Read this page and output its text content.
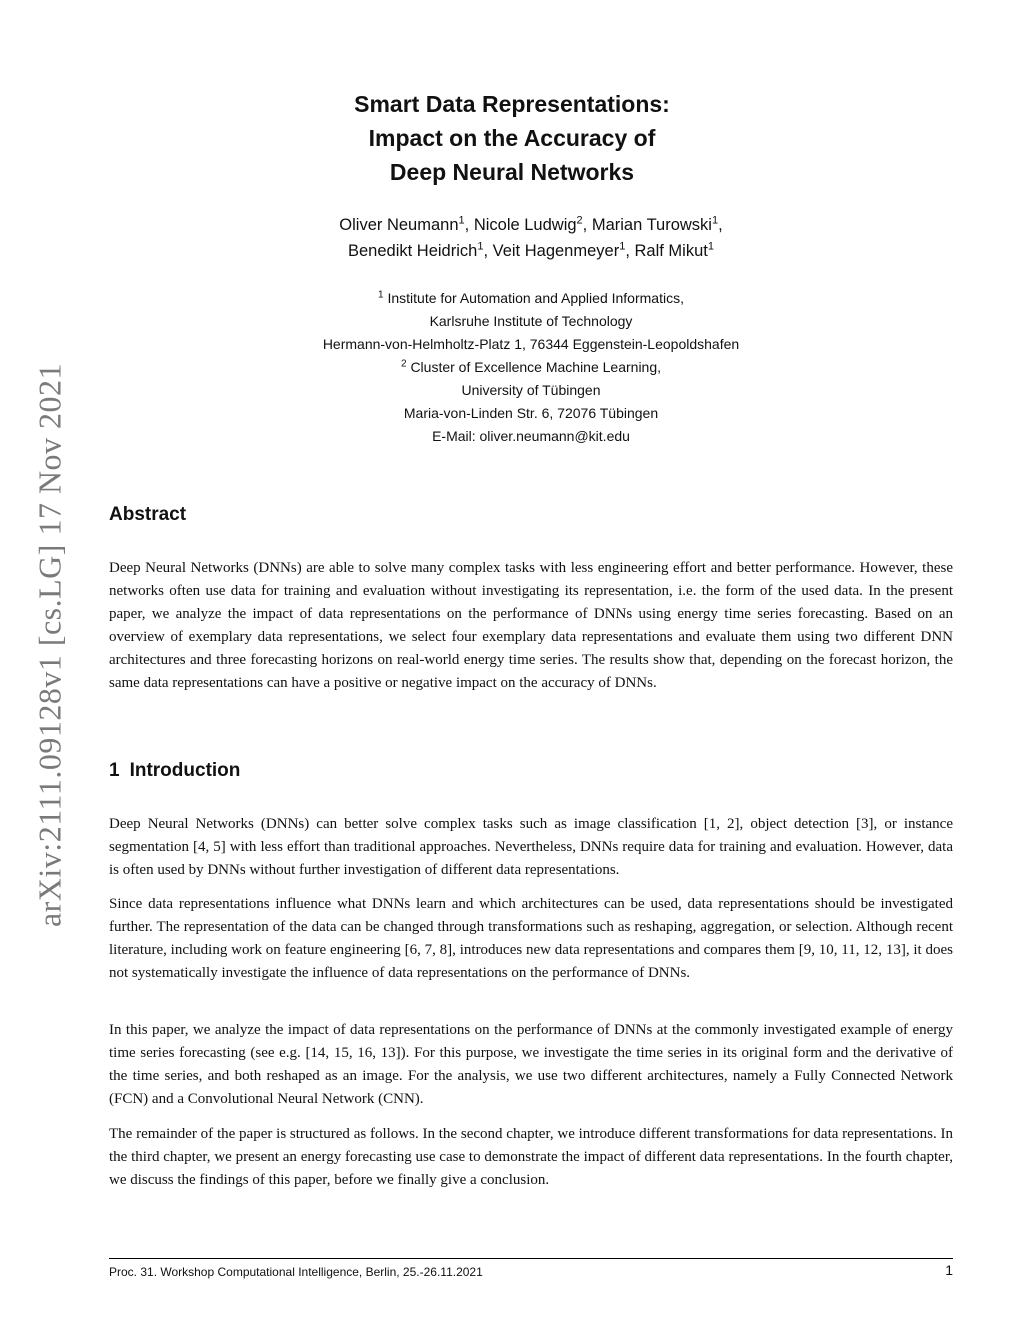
arXiv:2111.09128v1 [cs.LG] 17 Nov 2021
Smart Data Representations:
Impact on the Accuracy of
Deep Neural Networks
Oliver Neumann$^1$, Nicole Ludwig$^2$, Marian Turowski$^1$,
Benedikt Heidrich$^1$, Veit Hagenmeyer$^1$, Ralf Mikut$^1$
$^1$ Institute for Automation and Applied Informatics,
Karlsruhe Institute of Technology
Hermann-von-Helmholtz-Platz 1, 76344 Eggenstein-Leopoldshafen
$^2$ Cluster of Excellence Machine Learning,
University of Tübingen
Maria-von-Linden Str. 6, 72076 Tübingen
E-Mail: oliver.neumann@kit.edu
Abstract

Deep Neural Networks (DNNs) are able to solve many complex tasks with less engineering effort and better performance. However, these networks often use data for training and evaluation without investigating its representation, i.e. the form of the used data. In the present paper, we analyze the impact of data representations on the performance of DNNs using energy time series forecasting. Based on an overview of exemplary data representations, we select four exemplary data representations and evaluate them using two different DNN architectures and three forecasting horizons on real-world energy time series. The results show that, depending on the forecast horizon, the same data representations can have a positive or negative impact on the accuracy of DNNs.

1 Introduction

Deep Neural Networks (DNNs) can better solve complex tasks such as image classification [1, 2], object detection [3], or instance segmentation [4, 5] with less effort than traditional approaches. Nevertheless, DNNs require data for training and evaluation. However, data is often used by DNNs without further investigation of different data representations.

Since data representations influence what DNNs learn and which architectures can be used, data representations should be investigated further. The representation of the data can be changed through transformations such as reshaping, aggregation, or selection. Although recent literature, including work on feature engineering [6, 7, 8], introduces new data representations and compares them [9, 10, 11, 12, 13], it does not systematically investigate the influence of data representations on the performance of DNNs.

In this paper, we analyze the impact of data representations on the performance of DNNs at the commonly investigated example of energy time series forecasting (see e.g. [14, 15, 16, 13]). For this purpose, we investigate the time series in its original form and the derivative of the time series, and both reshaped as an image. For the analysis, we use two different architectures, namely a Fully Connected Network (FCN) and a Convolutional Neural Network (CNN).

The remainder of the paper is structured as follows. In the second chapter, we introduce different transformations for data representations. In the third chapter, we present an energy forecasting use case to demonstrate the impact of different data representations. In the fourth chapter, we discuss the findings of this paper, before we finally give a conclusion.

Proc. 31. Workshop Computational Intelligence, Berlin, 25.-26.11.2021	1
